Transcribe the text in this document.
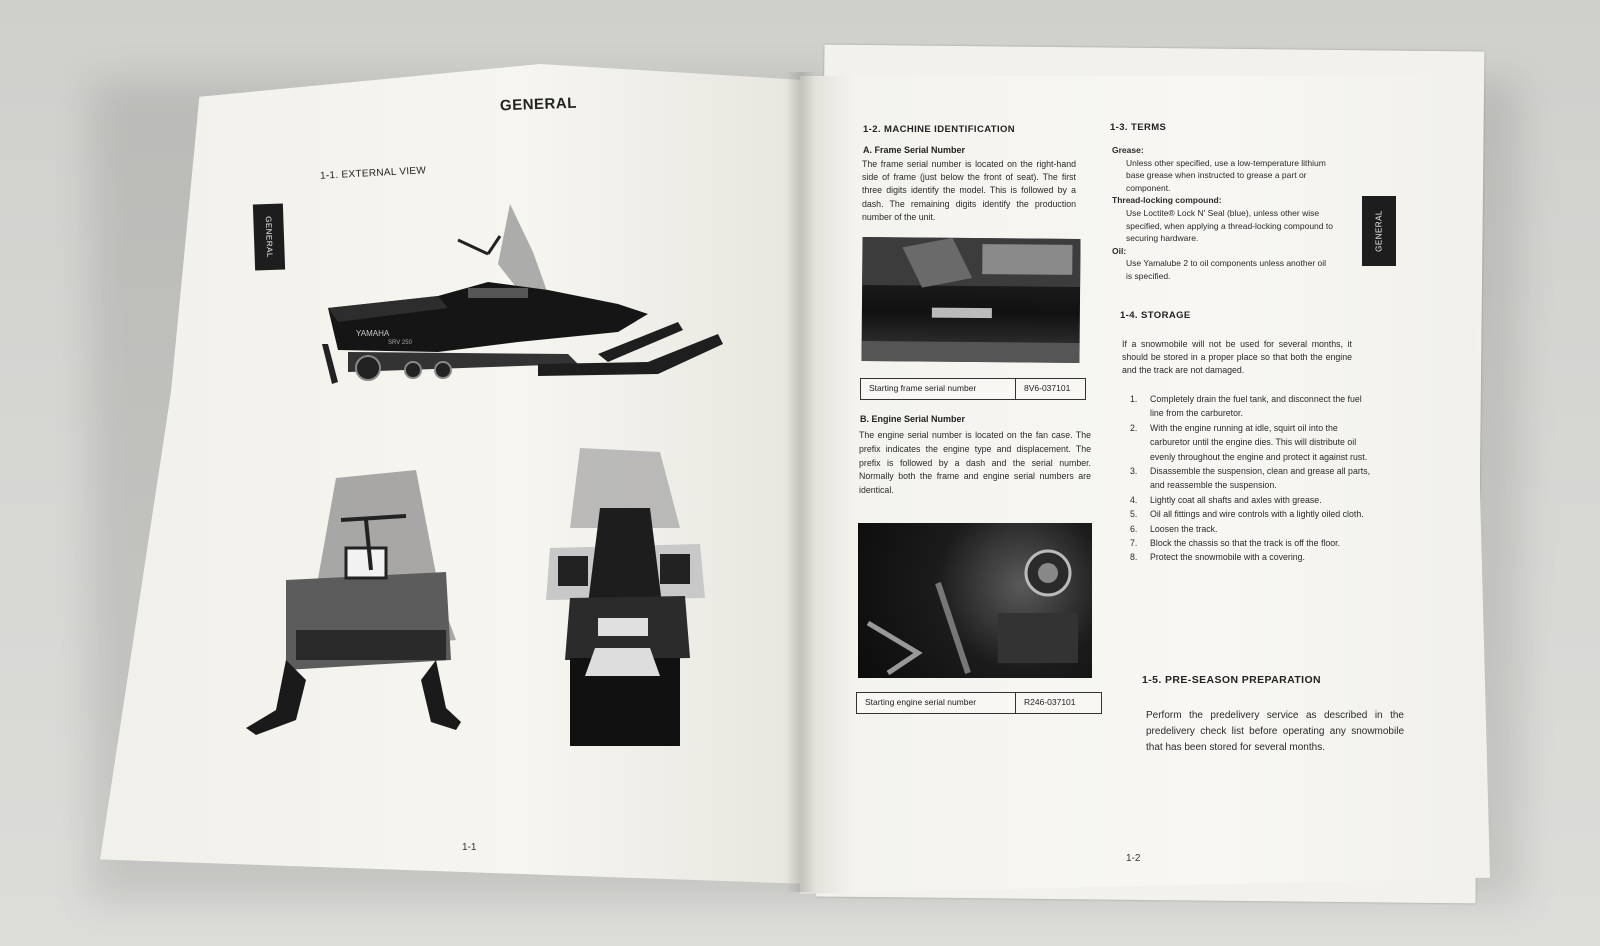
GENERAL
1-1. EXTERNAL VIEW
GENERAL
YAMAHA
SRV 250
1-1
1-2. MACHINE IDENTIFICATION
A. Frame Serial Number
The frame serial number is located on the right-hand side of frame (just below the front of seat). The first three digits identify the model. This is followed by a dash. The remaining digits identify the production number of the unit.
Starting frame serial number	8V6-037101
B. Engine Serial Number
The engine serial number is located on the fan case. The prefix indicates the engine type and displacement. The prefix is followed by a dash and the serial number. Normally both the frame and engine serial numbers are identical.
Starting engine serial number	R246-037101
1-3. TERMS
Grease:
Unless other specified, use a low-temperature lithium base grease when instructed to grease a part or component.
Thread-locking compound:
Use Loctite® Lock N' Seal (blue), unless other wise specified, when applying a thread-locking compound to securing hardware.
Oil:
Use Yamalube 2 to oil components unless another oil is specified.
GENERAL
1-4. STORAGE
If a snowmobile will not be used for several months, it should be stored in a proper place so that both the engine and the track are not damaged.
1. Completely drain the fuel tank, and disconnect the fuel line from the carburetor.
2. With the engine running at idle, squirt oil into the carburetor until the engine dies. This will distribute oil evenly throughout the engine and protect it against rust.
3. Disassemble the suspension, clean and grease all parts, and reassemble the suspension.
4. Lightly coat all shafts and axles with grease.
5. Oil all fittings and wire controls with a lightly oiled cloth.
6. Loosen the track.
7. Block the chassis so that the track is off the floor.
8. Protect the snowmobile with a covering.
1-5. PRE-SEASON PREPARATION
Perform the predelivery service as described in the predelivery check list before operating any snowmobile that has been stored for several months.
1-2
